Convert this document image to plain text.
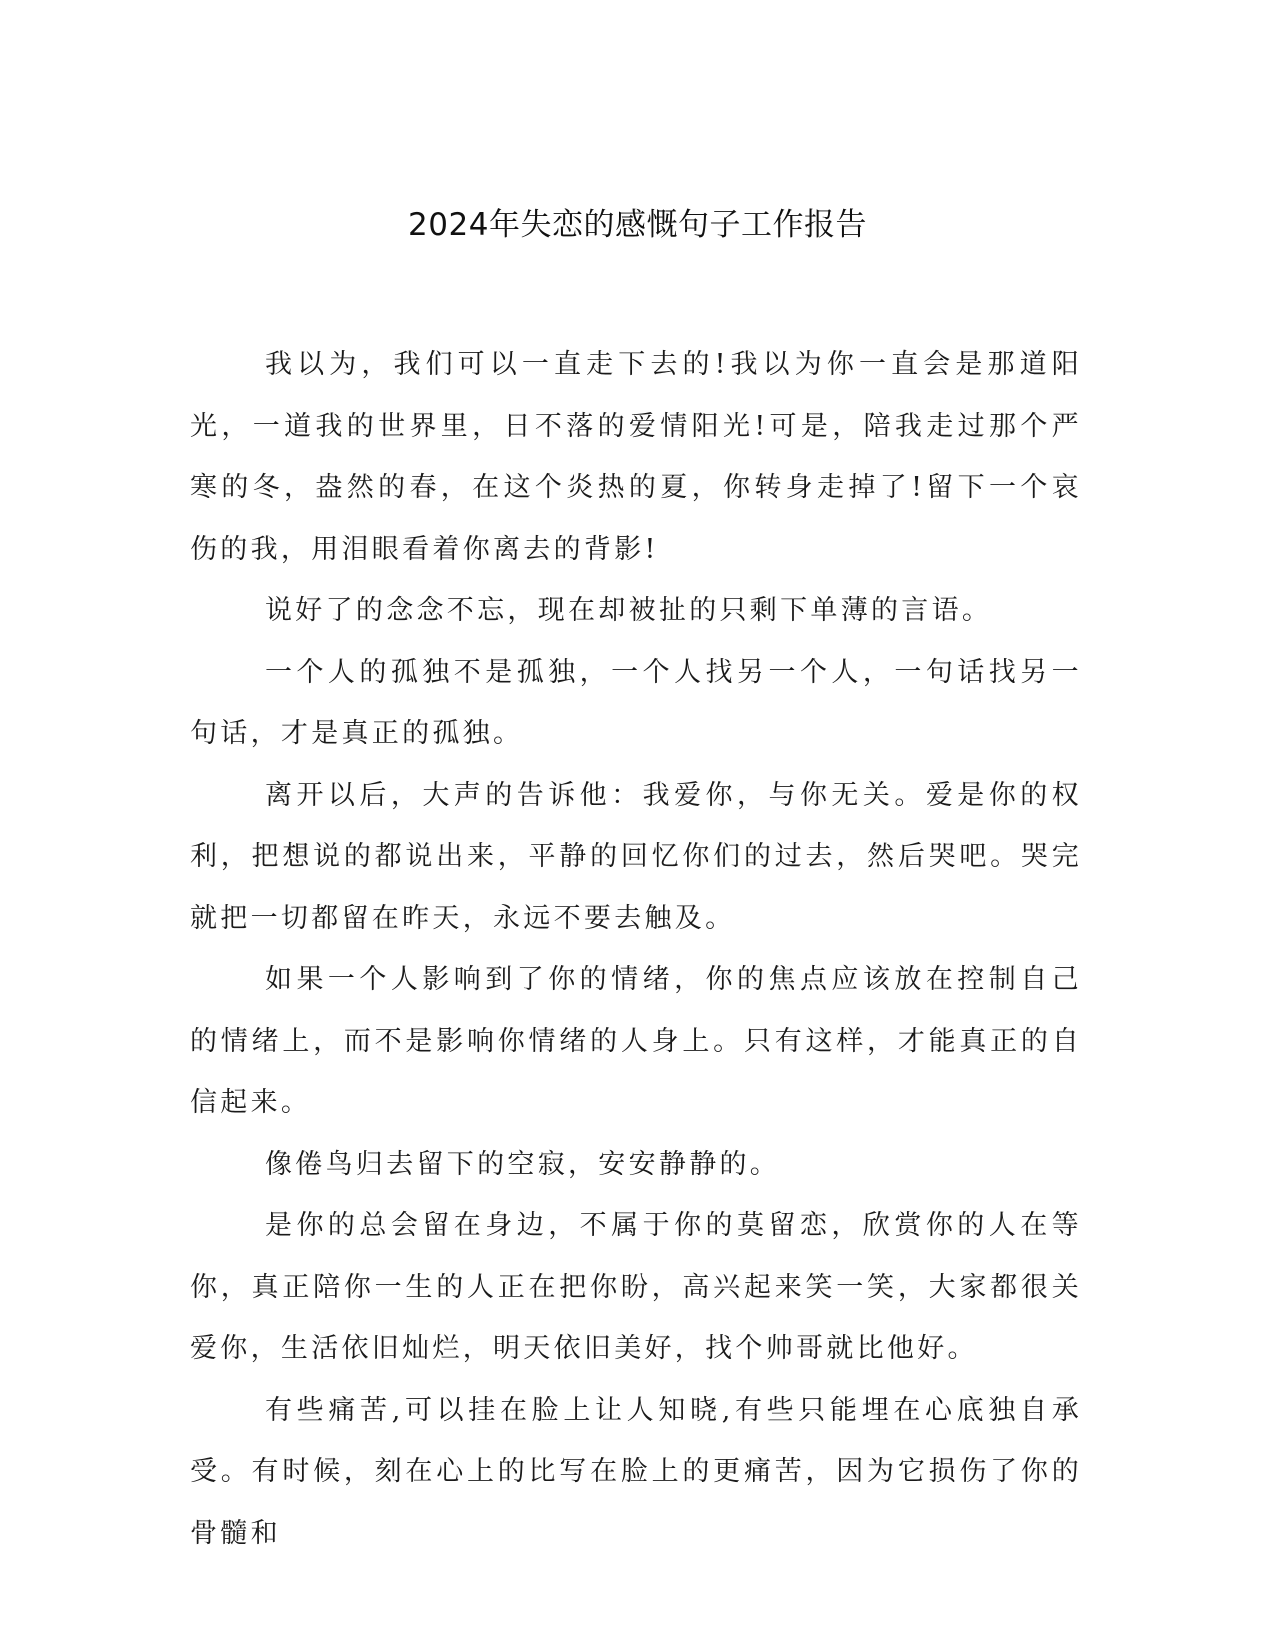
2024年失恋的感慨句子工作报告

我以为，我们可以一直走下去的!我以为你一直会是那道阳光，一道我的世界里，日不落的爱情阳光!可是，陪我走过那个严寒的冬，盎然的春，在这个炎热的夏，你转身走掉了!留下一个哀伤的我，用泪眼看着你离去的背影!

说好了的念念不忘，现在却被扯的只剩下单薄的言语。

一个人的孤独不是孤独，一个人找另一个人，一句话找另一句话，才是真正的孤独。

离开以后，大声的告诉他：我爱你，与你无关。爱是你的权利，把想说的都说出来，平静的回忆你们的过去，然后哭吧。哭完就把一切都留在昨天，永远不要去触及。

如果一个人影响到了你的情绪，你的焦点应该放在控制自己的情绪上，而不是影响你情绪的人身上。只有这样，才能真正的自信起来。

像倦鸟归去留下的空寂，安安静静的。

是你的总会留在身边，不属于你的莫留恋，欣赏你的人在等你，真正陪你一生的人正在把你盼，高兴起来笑一笑，大家都很关爱你，生活依旧灿烂，明天依旧美好，找个帅哥就比他好。

有些痛苦,可以挂在脸上让人知晓,有些只能埋在心底独自承受。有时候，刻在心上的比写在脸上的更痛苦，因为它损伤了你的骨髓和
